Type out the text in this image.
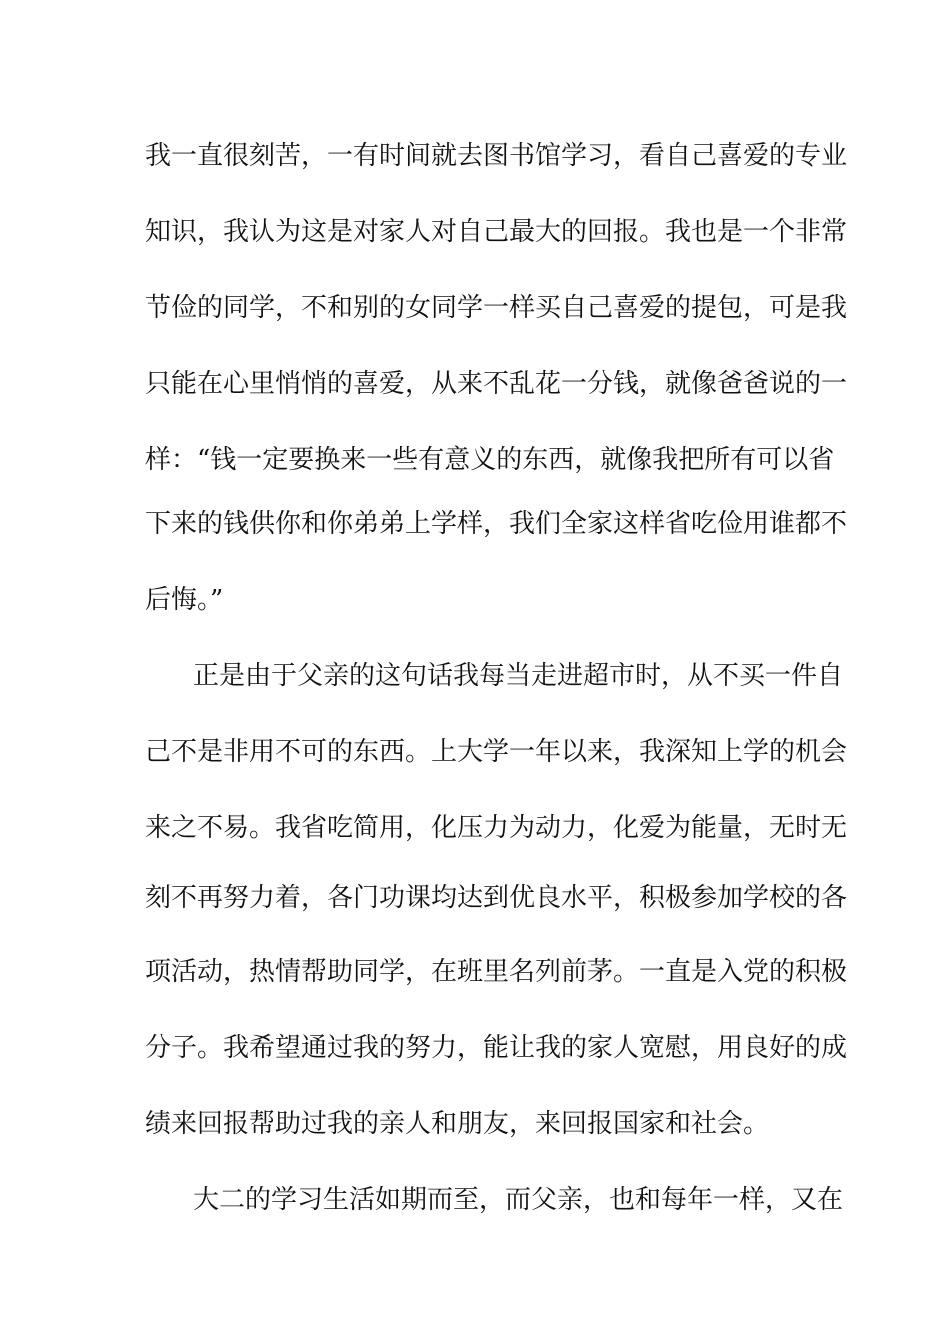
我一直很刻苦，一有时间就去图书馆学习，看自己喜爱的专业
知识，我认为这是对家人对自己最大的回报。我也是一个非常
节俭的同学，不和别的女同学一样买自己喜爱的提包，可是我
只能在心里悄悄的喜爱，从来不乱花一分钱，就像爸爸说的一
样：“钱一定要换来一些有意义的东西，就像我把所有可以省
下来的钱供你和你弟弟上学样，我们全家这样省吃俭用谁都不
后悔。”
正是由于父亲的这句话我每当走进超市时，从不买一件自
己不是非用不可的东西。上大学一年以来，我深知上学的机会
来之不易。我省吃简用，化压力为动力，化爱为能量，无时无
刻不再努力着，各门功课均达到优良水平，积极参加学校的各
项活动，热情帮助同学，在班里名列前茅。一直是入党的积极
分子。我希望通过我的努力，能让我的家人宽慰，用良好的成
绩来回报帮助过我的亲人和朋友，来回报国家和社会。
大二的学习生活如期而至，而父亲，也和每年一样，又在
